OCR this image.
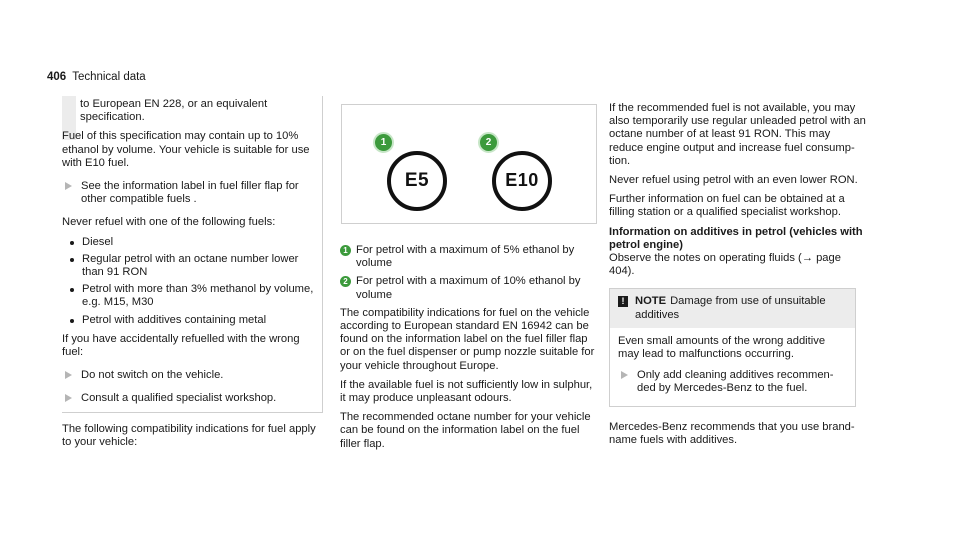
406 Technical data

to European EN 228, or an equivalent specification.

Fuel of this specification may contain up to 10% ethanol by volume. Your vehicle is suitable for use with E10 fuel.

See the information label in fuel filler flap for other compatible fuels .

Never refuel with one of the following fuels:

Diesel
Regular petrol with an octane number lower than 91 RON
Petrol with more than 3% methanol by volume, e.g. M15, M30
Petrol with additives containing metal

If you have accidentally refuelled with the wrong fuel:

Do not switch on the vehicle.
Consult a qualified specialist workshop.
The following compatibility indications for fuel apply to your vehicle:
1
E5
2
E10
1 For petrol with a maximum of 5% ethanol by volume
2 For petrol with a maximum of 10% ethanol by volume

The compatibility indications for fuel on the vehicle according to European standard EN 16942 can be found on the information label on the fuel filler flap or on the fuel dispenser or pump nozzle suitable for your vehicle throughout Europe.

If the available fuel is not sufficiently low in sulphur, it may produce unpleasant odours.

The recommended octane number for your vehicle can be found on the information label on the fuel filler flap.

If the recommended fuel is not available, you may also temporarily use regular unleaded petrol with an octane number of at least 91 RON. This may reduce engine output and increase fuel consumption.

Never refuel using petrol with an even lower RON.

Further information on fuel can be obtained at a filling station or a qualified specialist workshop.

Information on additives in petrol (vehicles with petrol engine)

Observe the notes on operating fluids (→ page 404).

! NOTE Damage from use of unsuitable additives
Even small amounts of the wrong additive may lead to malfunctions occurring.
Only add cleaning additives recommended by Mercedes-Benz to the fuel.

Mercedes-Benz recommends that you use brand-name fuels with additives.
